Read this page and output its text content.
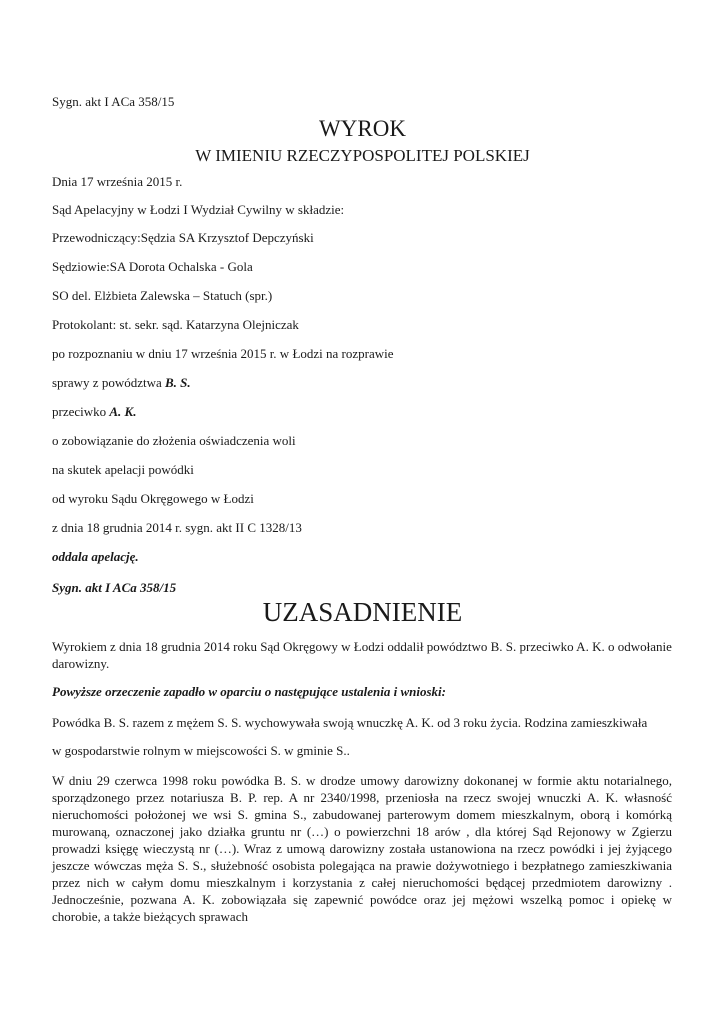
Sygn. akt I ACa 358/15
WYROK
W IMIENIU RZECZYPOSPOLITEJ POLSKIEJ
Dnia 17 września 2015 r.
Sąd Apelacyjny w Łodzi I Wydział Cywilny w składzie:
Przewodniczący:Sędzia SA Krzysztof Depczyński
Sędziowie:SA Dorota Ochalska - Gola
SO del. Elżbieta Zalewska – Statuch (spr.)
Protokolant: st. sekr. sąd. Katarzyna Olejniczak
po rozpoznaniu w dniu 17 września 2015 r. w Łodzi na rozprawie
sprawy z powództwa B. S.
przeciwko A. K.
o zobowiązanie do złożenia oświadczenia woli
na skutek apelacji powódki
od wyroku Sądu Okręgowego w Łodzi
z dnia 18 grudnia 2014 r. sygn. akt II C 1328/13
oddala apelację.
Sygn. akt I ACa 358/15
UZASADNIENIE

Wyrokiem z dnia 18 grudnia 2014 roku Sąd Okręgowy w Łodzi oddalił powództwo B. S. przeciwko A. K. o odwołanie darowizny.

Powyższe orzeczenie zapadło w oparciu o następujące ustalenia i wnioski:
Powódka B. S. razem z mężem S. S. wychowywała swoją wnuczkę A. K. od 3 roku życia. Rodzina zamieszkiwała
w gospodarstwie rolnym w miejscowości S. w gminie S..

W dniu 29 czerwca 1998 roku powódka B. S. w drodze umowy darowizny dokonanej w formie aktu notarialnego, sporządzonego przez notariusza B. P. rep. A nr 2340/1998, przeniosła na rzecz swojej wnuczki A. K. własność nieruchomości położonej we wsi S. gmina S., zabudowanej parterowym domem mieszkalnym, oborą i komórką murowaną, oznaczonej jako działka gruntu nr (…) o powierzchni 18 arów , dla której Sąd Rejonowy w Zgierzu prowadzi księgę wieczystą nr (…). Wraz z umową darowizny została ustanowiona na rzecz powódki i jej żyjącego jeszcze wówczas męża S. S., służebność osobista polegająca na prawie dożywotniego i bezpłatnego zamieszkiwania przez nich w całym domu mieszkalnym i korzystania z całej nieruchomości będącej przedmiotem darowizny . Jednocześnie, pozwana A. K. zobowiązała się zapewnić powódce oraz jej mężowi wszelką pomoc i opiekę w chorobie, a także bieżących sprawach
